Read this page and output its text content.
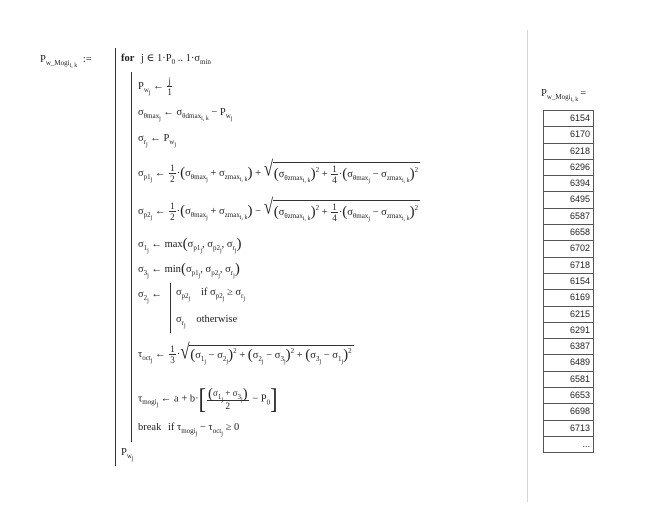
$P_{w\_Mogii, k}$ :=	for j ∈ $1\cdot P_0$ .. $1\cdot\sigma_{min}$
$P_{wj}$ ← $\frac{j}{1}$
$\sigma_{\theta maxj}$ ← $\sigma_{\theta dmaxi, k} - P_{wj}$
$\sigma_{rj}$ ← $P_{wj}$
$\sigma_{p1j}$ ← $\frac{1}{2} \cdot(\sigma_{\theta maxj} + \sigma_{zmaxi, k})$ + √ $(\sigma_{\theta zmaxi, k})^2 + \frac{1}{4} \cdot(\sigma_{\theta maxj} - \sigma_{zmaxi, k})^2$
$\sigma_{p2j}$ ← $\frac{1}{2} \cdot(\sigma_{\theta maxj} + \sigma_{zmaxi, k})$ − √ $(\sigma_{\theta zmaxi, k})^2 + \frac{1}{4} \cdot(\sigma_{\theta maxj} - \sigma_{zmaxi, k})^2$
$\sigma_{1j}$ ← $\max(\sigma_{p1j}$, $\sigma_{p2j}$, $\sigma_{rj}$)
$\sigma_{3j}$ ← $\min(\sigma_{p1j}$, $\sigma_{p2j}$, $\sigma_{rj}$)
$\sigma_{2j}$ ← $\sigma_{p2j}$ if $\sigma_{p2j} \ge \sigma_{rj}$
$\sigma_{rj}$ otherwise
$\tau_{octj}$ ← $\frac{1}{3}$ · √ $(\sigma_{1j} - \sigma_{2j})^2 + (\sigma_{2j} - \sigma_{3j})^2 + (\sigma_{3j} - \sigma_{1j})^2$
$\tau_{mogij}$ ← $a + b\cdot[ \frac{(\sigma_{1j} + \sigma_{3j})}{2} - P_0]$
break if $\tau_{mogij} - \tau_{octj} \ge 0$
$P_{wj}$
$P_{w\_Mogii, k}=$
6154
6170
6218
6296
6394
6495
6587
6658
6702
6718
6154
6169
6215
6291
6387
6489
6581
6653
6698
6713
...
